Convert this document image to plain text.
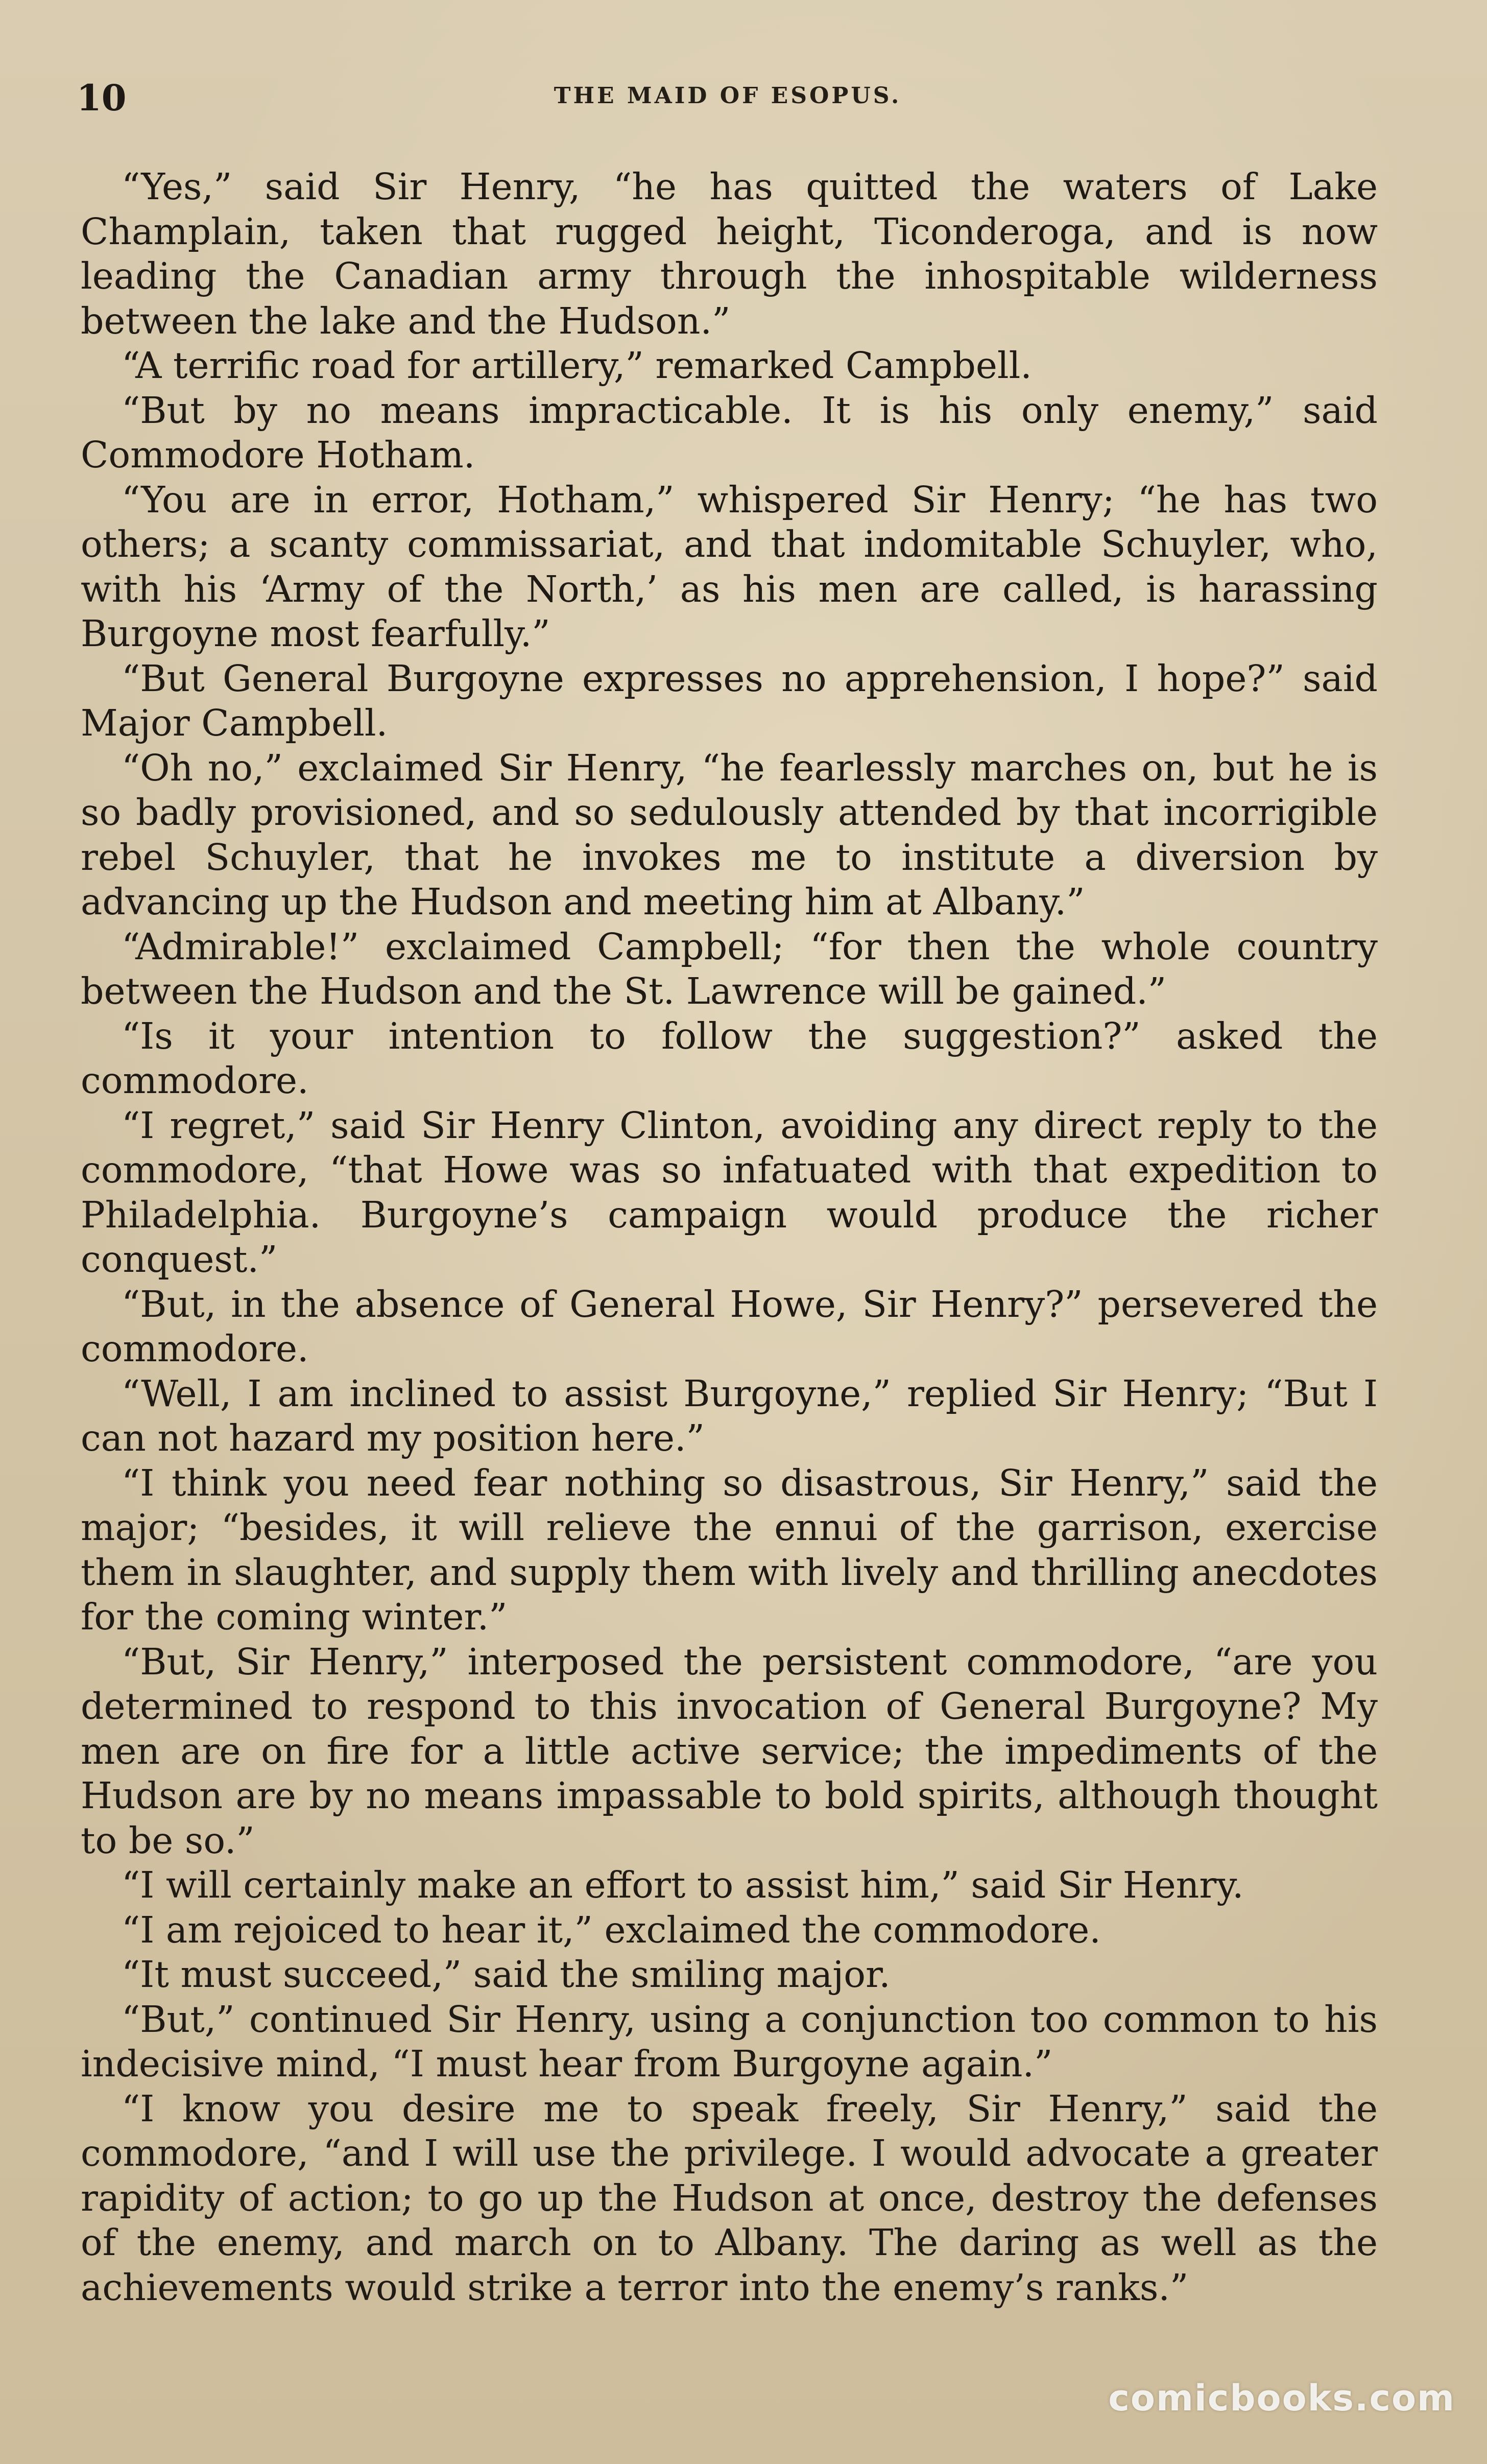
10	THE MAID OF ESOPUS.

“Yes,” said Sir Henry, “he has quitted the waters of Lake Champlain, taken that rugged height, Ticonderoga, and is now leading the Canadian army through the inhospitable wilderness between the lake and the Hudson.”

“A terrific road for artillery,” remarked Campbell.

“But by no means impracticable. It is his only enemy,” said Commodore Hotham.

“You are in error, Hotham,” whispered Sir Henry; “he has two others; a scanty commissariat, and that indomitable Schuyler, who, with his ‘Army of the North,’ as his men are called, is harassing Burgoyne most fearfully.”

“But General Burgoyne expresses no apprehension, I hope?” said Major Campbell.

“Oh no,” exclaimed Sir Henry, “he fearlessly marches on, but he is so badly provisioned, and so sedulously attended by that incorrigible rebel Schuyler, that he invokes me to institute a diversion by advancing up the Hudson and meeting him at Albany.”

“Admirable!” exclaimed Campbell; “for then the whole country between the Hudson and the St. Lawrence will be gained.”

“Is it your intention to follow the suggestion?” asked the commodore.

“I regret,” said Sir Henry Clinton, avoiding any direct reply to the commodore, “that Howe was so infatuated with that expedition to Philadelphia. Burgoyne’s campaign would produce the richer conquest.”

“But, in the absence of General Howe, Sir Henry?” persevered the commodore.

“Well, I am inclined to assist Burgoyne,” replied Sir Henry; “But I can not hazard my position here.”

“I think you need fear nothing so disastrous, Sir Henry,” said the major; “besides, it will relieve the ennui of the garrison, exercise them in slaughter, and supply them with lively and thrilling anecdotes for the coming winter.”

“But, Sir Henry,” interposed the persistent commodore, “are you determined to respond to this invocation of General Burgoyne? My men are on fire for a little active service; the impediments of the Hudson are by no means impassable to bold spirits, although thought to be so.”

“I will certainly make an effort to assist him,” said Sir Henry.

“I am rejoiced to hear it,” exclaimed the commodore.

“It must succeed,” said the smiling major.

“But,” continued Sir Henry, using a conjunction too common to his indecisive mind, “I must hear from Burgoyne again.”

“I know you desire me to speak freely, Sir Henry,” said the commodore, “and I will use the privilege. I would advocate a greater rapidity of action; to go up the Hudson at once, destroy the defenses of the enemy, and march on to Albany. The daring as well as the achievements would strike a terror into the enemy’s ranks.”

comicbooks.com
